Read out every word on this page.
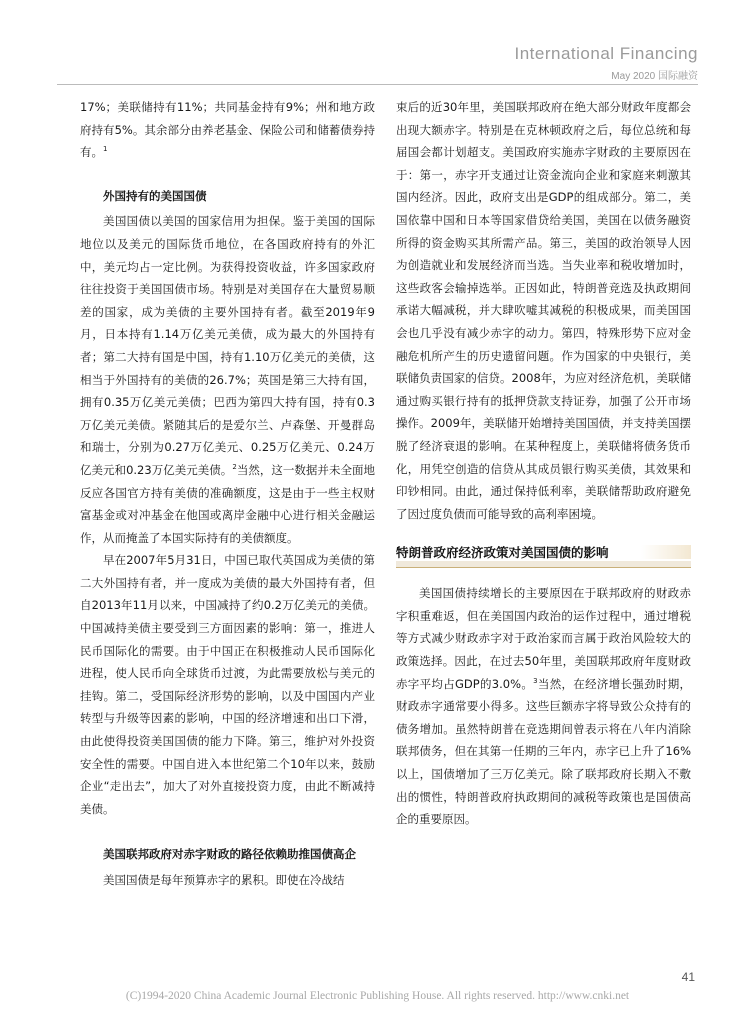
International Financing
May 2020 国际融资

17%；美联储持有11%；共同基金持有9%；州和地方政府持有5%。其余部分由养老基金、保险公司和储蓄债券持有。$^1$

外国持有的美国国债

美国国债以美国的国家信用为担保。鉴于美国的国际地位以及美元的国际货币地位，在各国政府持有的外汇中，美元均占一定比例。为获得投资收益，许多国家政府往往投资于美国国债市场。特别是对美国存在大量贸易顺差的国家，成为美债的主要外国持有者。截至2019年9月，日本持有1.14万亿美元美债，成为最大的外国持有者；第二大持有国是中国，持有1.10万亿美元的美债，这相当于外国持有的美债的26.7%；英国是第三大持有国，拥有0.35万亿美元美债；巴西为第四大持有国，持有0.3万亿美元美债。紧随其后的是爱尔兰、卢森堡、开曼群岛和瑞士，分别为0.27万亿美元、0.25万亿美元、0.24万亿美元和0.23万亿美元美债。$^2$当然，这一数据并未全面地反应各国官方持有美债的准确额度，这是由于一些主权财富基金或对冲基金在他国或离岸金融中心进行相关金融运作，从而掩盖了本国实际持有的美债额度。

早在2007年5月31日，中国已取代英国成为美债的第二大外国持有者，并一度成为美债的最大外国持有者，但自2013年11月以来，中国减持了约0.2万亿美元的美债。中国减持美债主要受到三方面因素的影响：第一，推进人民币国际化的需要。由于中国正在积极推动人民币国际化进程，使人民币向全球货币过渡，为此需要放松与美元的挂钩。第二，受国际经济形势的影响，以及中国国内产业转型与升级等因素的影响，中国的经济增速和出口下滑，由此使得投资美国国债的能力下降。第三，维护对外投资安全性的需要。中国自进入本世纪第二个10年以来，鼓励企业“走出去”，加大了对外直接投资力度，由此不断减持美债。

美国联邦政府对赤字财政的路径依赖助推国债高企

美国国债是每年预算赤字的累积。即使在冷战结

束后的近30年里，美国联邦政府在绝大部分财政年度都会出现大额赤字。特别是在克林顿政府之后，每位总统和每届国会都计划超支。美国政府实施赤字财政的主要原因在于：第一，赤字开支通过让资金流向企业和家庭来刺激其国内经济。因此，政府支出是GDP的组成部分。第二，美国依靠中国和日本等国家借贷给美国，美国在以债务融资所得的资金购买其所需产品。第三，美国的政治领导人因为创造就业和发展经济而当选。当失业率和税收增加时，这些政客会输掉选举。正因如此，特朗普竞选及执政期间承诺大幅减税，并大肆吹嘘其减税的积极成果，而美国国会也几乎没有减少赤字的动力。第四，特殊形势下应对金融危机所产生的历史遗留问题。作为国家的中央银行，美联储负责国家的信贷。2008年，为应对经济危机，美联储通过购买银行持有的抵押贷款支持证券，加强了公开市场操作。2009年，美联储开始增持美国国债，并支持美国摆脱了经济衰退的影响。在某种程度上，美联储将债务货币化，用凭空创造的信贷从其成员银行购买美债，其效果和印钞相同。由此，通过保持低利率，美联储帮助政府避免了因过度负债而可能导致的高利率困境。

特朗普政府经济政策对美国国债的影响

美国国债持续增长的主要原因在于联邦政府的财政赤字积重难返，但在美国国内政治的运作过程中，通过增税等方式减少财政赤字对于政治家而言属于政治风险较大的政策选择。因此，在过去50年里，美国联邦政府年度财政赤字平均占GDP的3.0%。$^3$当然，在经济增长强劲时期，财政赤字通常要小得多。这些巨额赤字将导致公众持有的债务增加。虽然特朗普在竞选期间曾表示将在八年内消除联邦债务，但在其第一任期的三年内，赤字已上升了16%以上，国债增加了三万亿美元。除了联邦政府长期入不敷出的惯性，特朗普政府执政期间的减税等政策也是国债高企的重要原因。

41
(C)1994-2020 China Academic Journal Electronic Publishing House. All rights reserved. http://www.cnki.net
